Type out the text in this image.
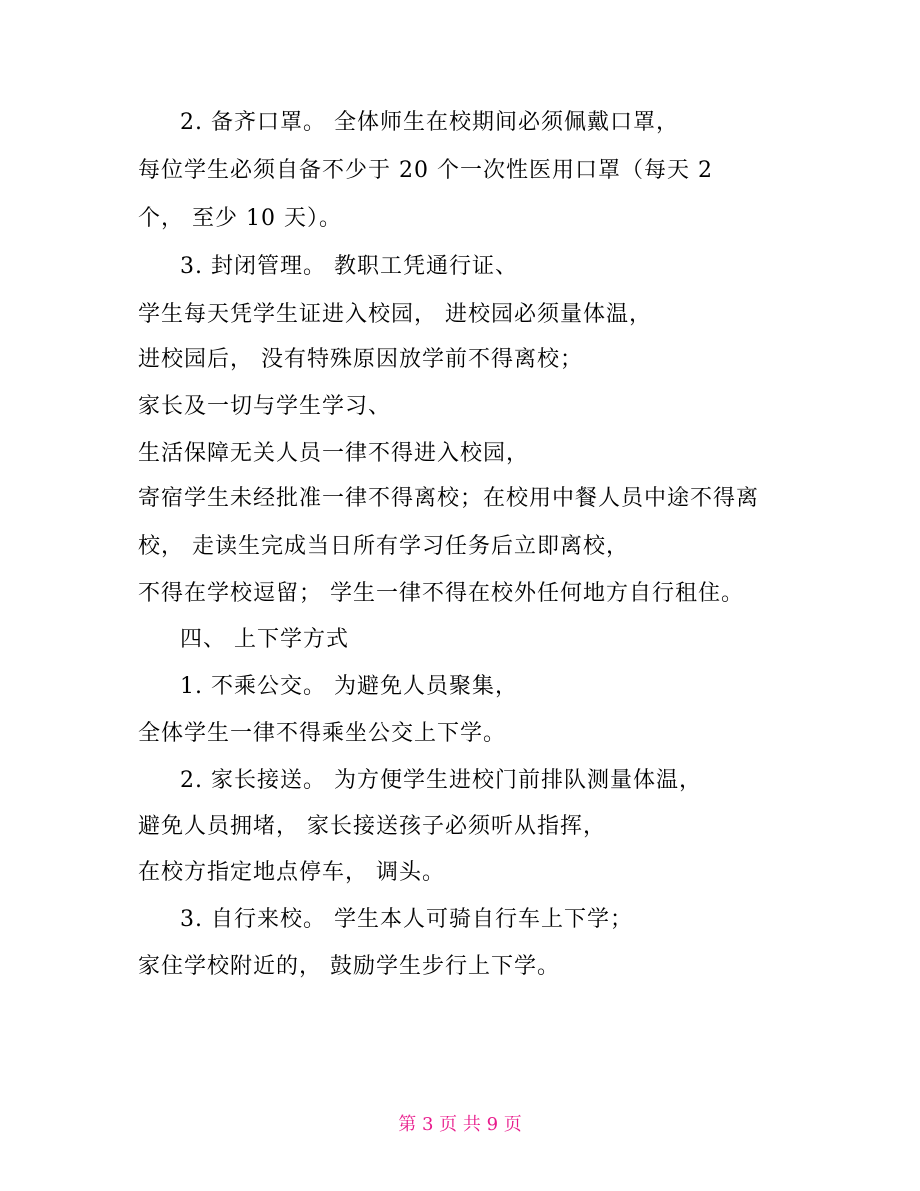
2. 备齐口罩。 全体师生在校期间必须佩戴口罩，
每位学生必须自备不少于 20 个一次性医用口罩（每天 2
个， 至少 10 天）。
3. 封闭管理。 教职工凭通行证、
学生每天凭学生证进入校园， 进校园必须量体温，
进校园后， 没有特殊原因放学前不得离校；
家长及一切与学生学习、
生活保障无关人员一律不得进入校园，
寄宿学生未经批准一律不得离校；在校用中餐人员中途不得离
校， 走读生完成当日所有学习任务后立即离校，
不得在学校逗留； 学生一律不得在校外任何地方自行租住。
四、 上下学方式
1. 不乘公交。 为避免人员聚集，
全体学生一律不得乘坐公交上下学。
2. 家长接送。 为方便学生进校门前排队测量体温，
避免人员拥堵， 家长接送孩子必须听从指挥，
在校方指定地点停车， 调头。
3. 自行来校。 学生本人可骑自行车上下学；
家住学校附近的， 鼓励学生步行上下学。
第 3 页 共 9 页
